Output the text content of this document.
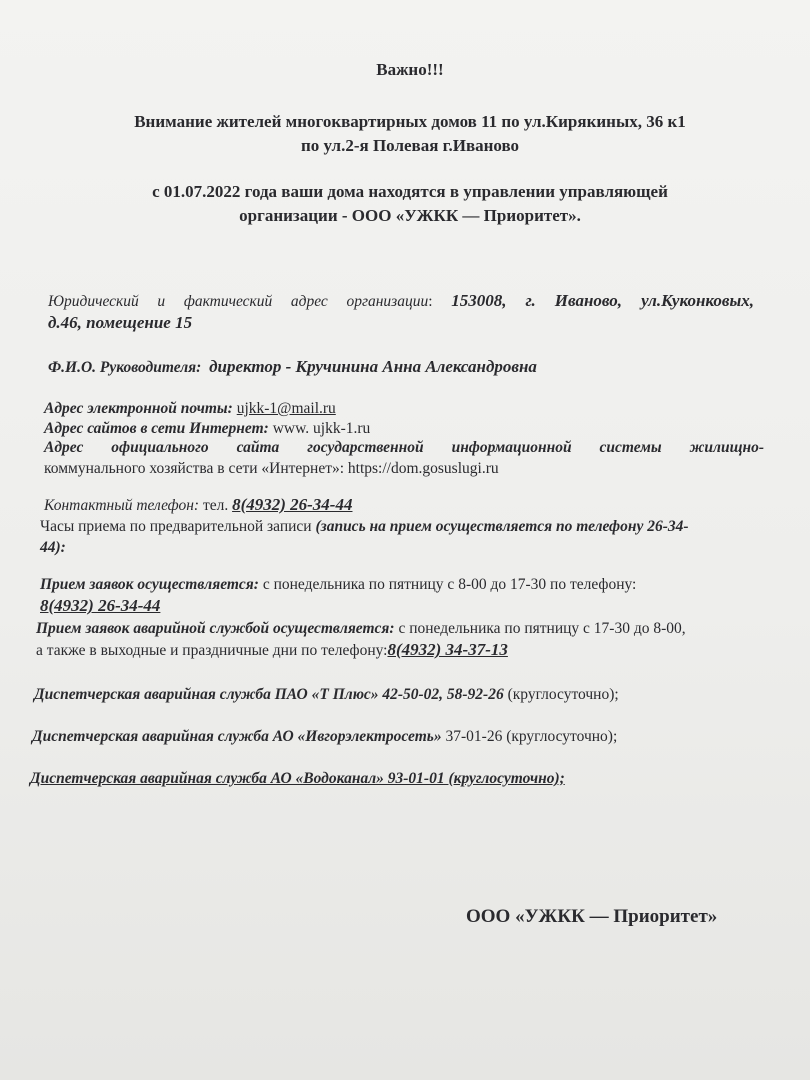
Важно!!!
Внимание жителей многоквартирных домов 11 по ул.Кирякиных, 36 к1
по ул.2-я Полевая г.Иваново
с 01.07.2022 года ваши дома находятся в управлении управляющей
организации - ООО «УЖКК — Приоритет».
Юридический и фактический адрес организации: 153008, г. Иваново, ул.Куконковых,
д.46, помещение 15
Ф.И.О. Руководителя: директор - Кручинина Анна Александровна
Адрес электронной почты: ujkk-1@mail.ru
Адрес сайтов в сети Интернет: www. ujkk-1.ru
Адрес официального сайта государственной информационной системы жилищно-
коммунального хозяйства в сети «Интернет»: https://dom.gosuslugi.ru
Контактный телефон: тел. 8(4932) 26-34-44
Часы приема по предварительной записи (запись на прием осуществляется по телефону 26-34-
44):
Прием заявок осуществляется: с понедельника по пятницу с 8-00 до 17-30 по телефону:
8(4932) 26-34-44
Прием заявок аварийной службой осуществляется: с понедельника по пятницу с 17-30 до 8-00,
а также в выходные и праздничные дни по телефону:8(4932) 34-37-13
Диспетчерская аварийная служба ПАО «Т Плюс» 42-50-02, 58-92-26 (круглосуточно);
Диспетчерская аварийная служба АО «Ивгорэлектросеть» 37-01-26 (круглосуточно);
Диспетчерская аварийная служба АО «Водоканал» 93-01-01 (круглосуточно);
ООО «УЖКК — Приоритет»
